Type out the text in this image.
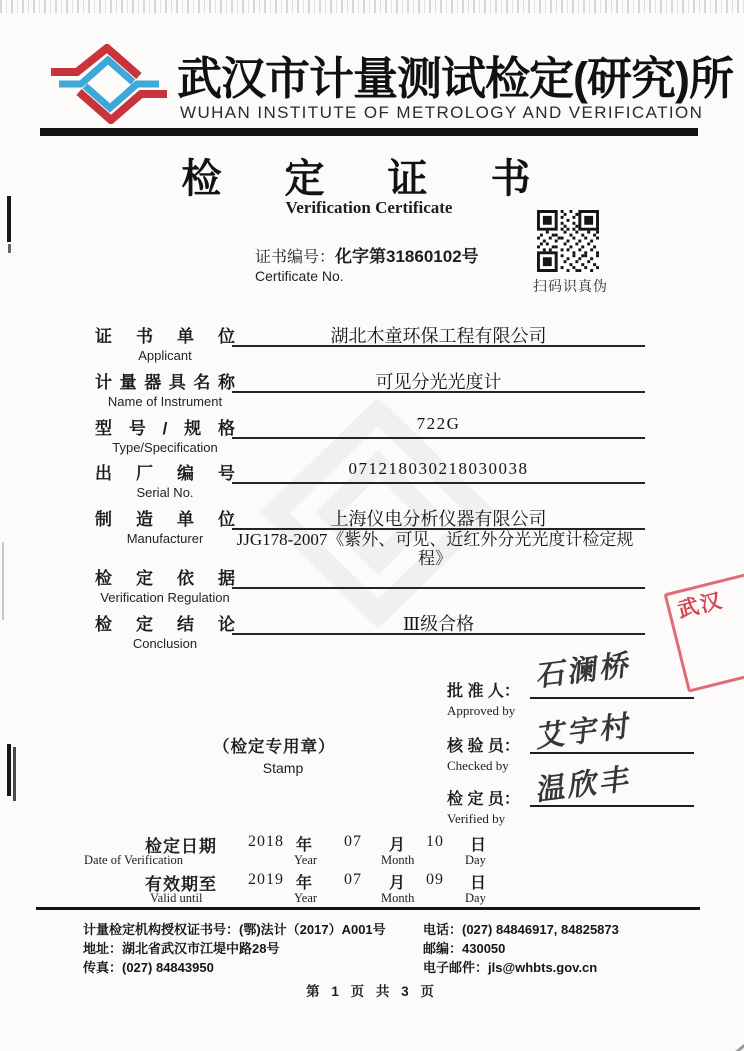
武汉市计量测试检定(研究)所
WUHAN INSTITUTE OF METROLOGY AND VERIFICATION
检 定 证 书
Verification Certificate
证书编号：化字第31860102号
Certificate No.
扫码识真伪
证书单位
Applicant
湖北木童环保工程有限公司
计量器具名称
Name of Instrument
可见分光光度计
型号/规格
Type/Specification
722G
出厂编号
Serial No.
071218030218030038
制造单位
Manufacturer
上海仪电分析仪器有限公司
检定依据
Verification Regulation
JJG178-2007《紫外、可见、近红外分光光度计检定规程》
检定结论
Conclusion
Ⅲ级合格
武汉
（检定专用章）
Stamp
石澜桥
批 准 人：
Approved by 艾宇村
核 验 员：
Checked by 温欣丰
检 定 员：
Verified by
检定日期
Date of Verification
2018 年
Year
07 月
Month
10 日
Day
有效期至
Valid until
2019 年
Year
07 月
Month
09 日
Day
计量检定机构授权证书号：(鄂)法计（2017）A001号
地址：湖北省武汉市江堤中路28号
传真：(027) 84843950
电话：(027) 84846917, 84825873
邮编：430050
电子邮件：jls@whbts.gov.cn
第 1 页 共 3 页
